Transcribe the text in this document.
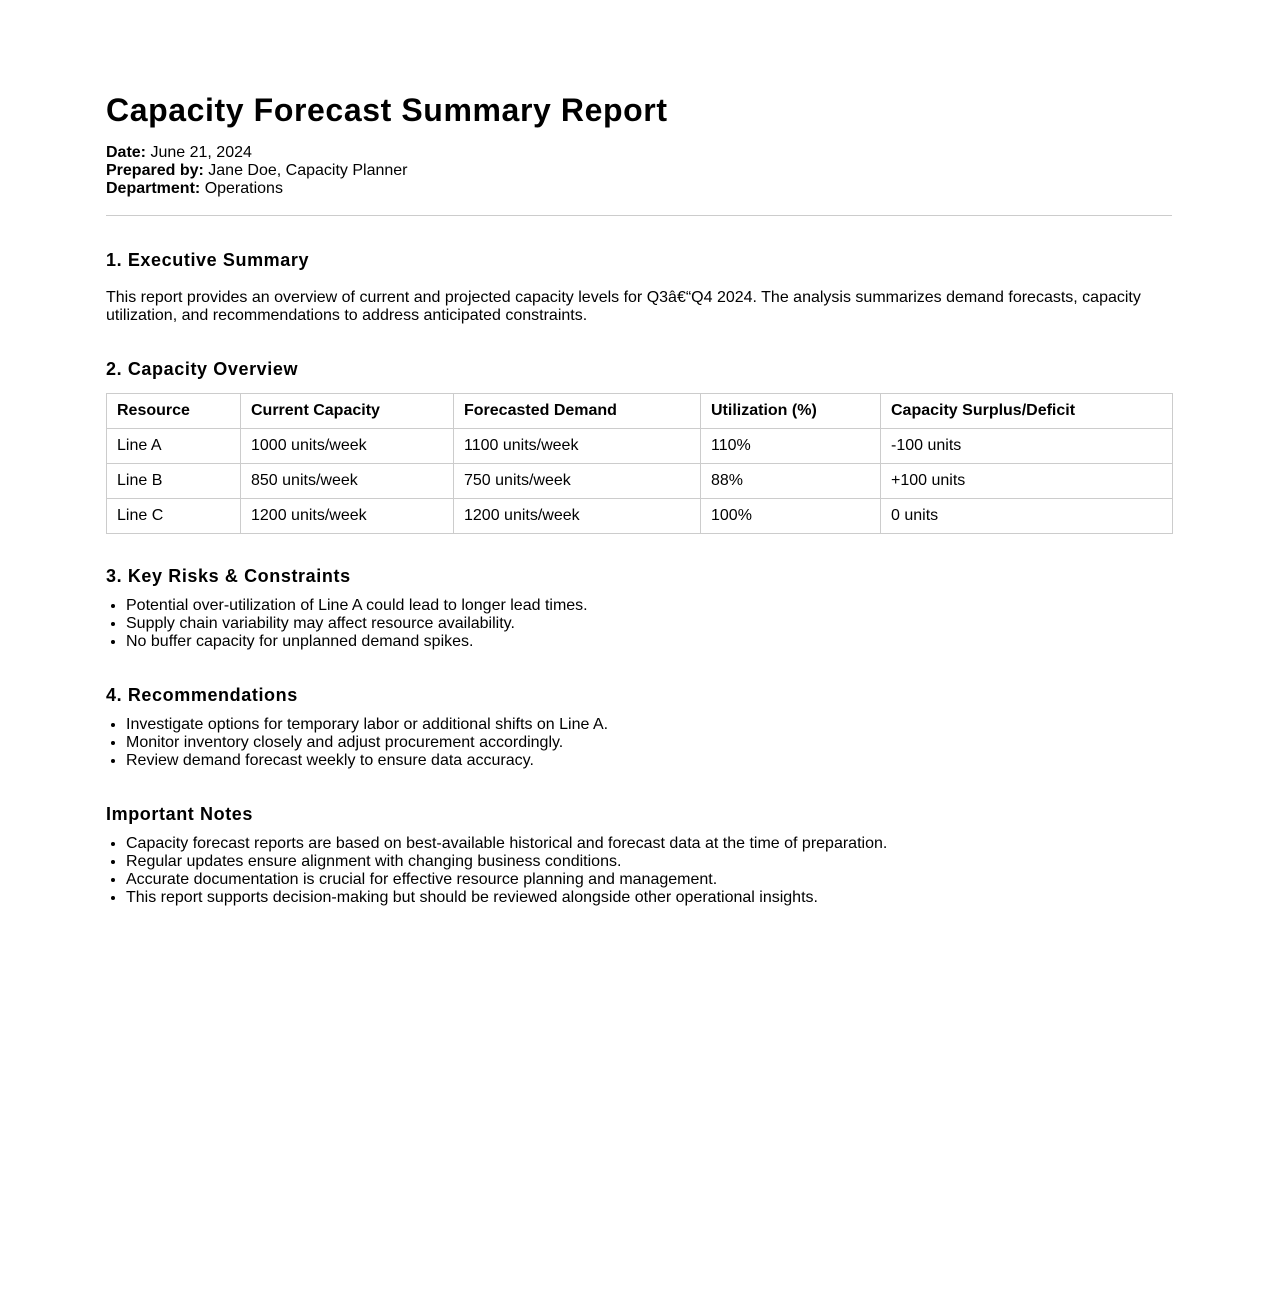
Capacity Forecast Summary Report

Date: June 21, 2024

Prepared by: Jane Doe, Capacity Planner

Department: Operations

1. Executive Summary

This report provides an overview of current and projected capacity levels for Q3â€“Q4 2024. The analysis summarizes demand forecasts, capacity utilization, and recommendations to address anticipated constraints.

2. Capacity Overview
Resource	Current Capacity	Forecasted Demand	Utilization (%)	Capacity Surplus/Deficit
Line A	1000 units/week	1100 units/week	110%	-100 units
Line B	850 units/week	750 units/week	88%	+100 units
Line C	1200 units/week	1200 units/week	100%	0 units
3. Key Risks & Constraints
• Potential over-utilization of Line A could lead to longer lead times.
• Supply chain variability may affect resource availability.
• No buffer capacity for unplanned demand spikes.
4. Recommendations
• Investigate options for temporary labor or additional shifts on Line A.
• Monitor inventory closely and adjust procurement accordingly.
• Review demand forecast weekly to ensure data accuracy.
Important Notes
• Capacity forecast reports are based on best-available historical and forecast data at the time of preparation.
• Regular updates ensure alignment with changing business conditions.
• Accurate documentation is crucial for effective resource planning and management.
• This report supports decision-making but should be reviewed alongside other operational insights.
